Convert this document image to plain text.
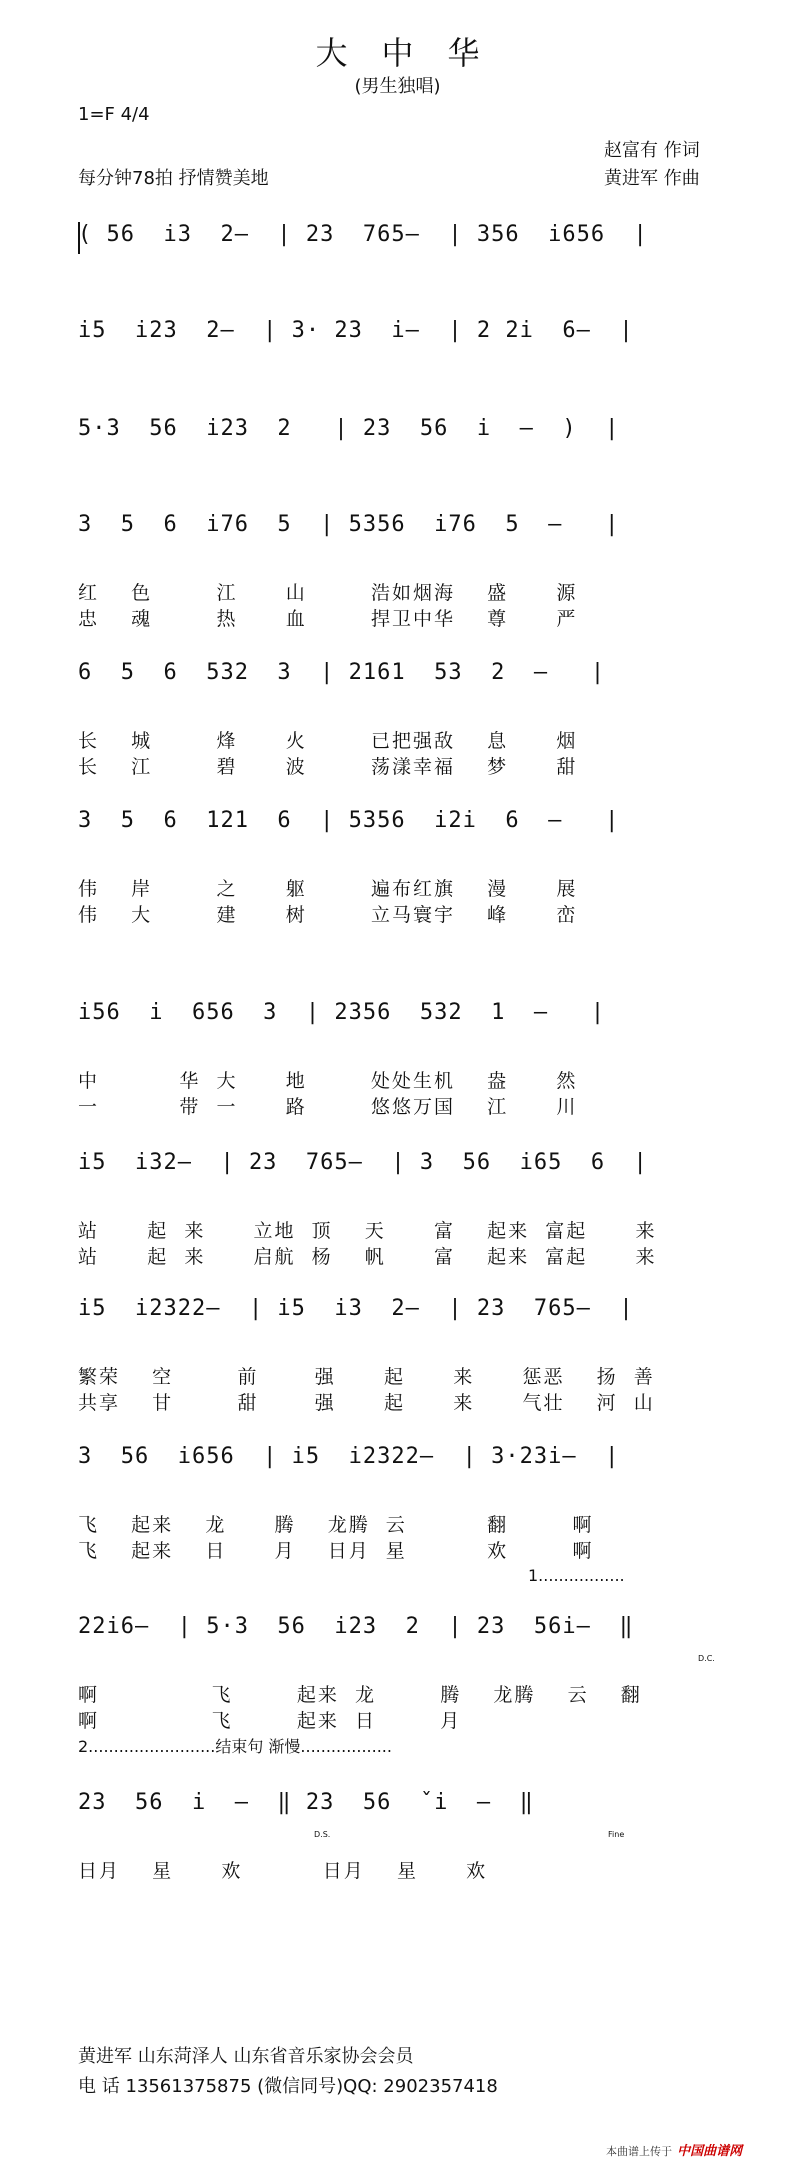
大中华
(男生独唱)
1=F 4/4
每分钟78拍 抒情赞美地
赵富有 作词
黄进军 作曲
( 56  i3  2—  | 23  765—  | 356  i656  |
i5  i23  2—  | 3· 23  i—  | 2 2i  6—  |
5·3  56  i23  2   | 23  56  i  —  )  |
3  5  6  i76  5  | 5356  i76  5  —   |
红    色        江      山        浩如烟海    盛      源
忠    魂        热      血        捍卫中华    尊      严
6  5  6  532  3  | 2161  53  2  —   |
长    城        烽      火        已把强敌    息      烟
长    江        碧      波        荡漾幸福    梦      甜
3  5  6  121  6  | 5356  i2i  6  —   |
伟    岸        之      躯        遍布红旗    漫      展
伟    大        建      树        立马寰宇    峰      峦
i56  i  656  3  | 2356  532  1  —   |
中          华  大      地        处处生机    盎      然
一          带  一      路        悠悠万国    江      川
i5  i32—  | 23  765—  | 3  56  i65  6  |
站      起  来      立地  顶    天      富    起来  富起      来
站      起  来      启航  杨    帆      富    起来  富起      来
i5  i2322—  | i5  i3  2—  | 23  765—  |
繁荣    空        前       强      起      来      惩恶    扬  善
共享    甘        甜       强      起      来      气壮    河  山
3  56  i656  | i5  i2322—  | 3·23i—  |
飞    起来    龙      腾    龙腾  云          翻        啊
飞    起来    日      月    日月  星          欢        啊
1.................
22i6—  | 5·3  56  i23  2  | 23  56i—  ‖
D.C.
啊              飞        起来  龙        腾    龙腾    云    翻
啊              飞        起来  日        月
2.........................结束句 渐慢..................
23  56  i  —  ‖ 23  56  ˇi  —  ‖
D.S.	Fine
日月    星      欢          日月    星      欢
黄进军 山东菏泽人 山东省音乐家协会会员
电 话 13561375875 (微信同号)QQ: 2902357418
本曲谱上传于 中国曲谱网
